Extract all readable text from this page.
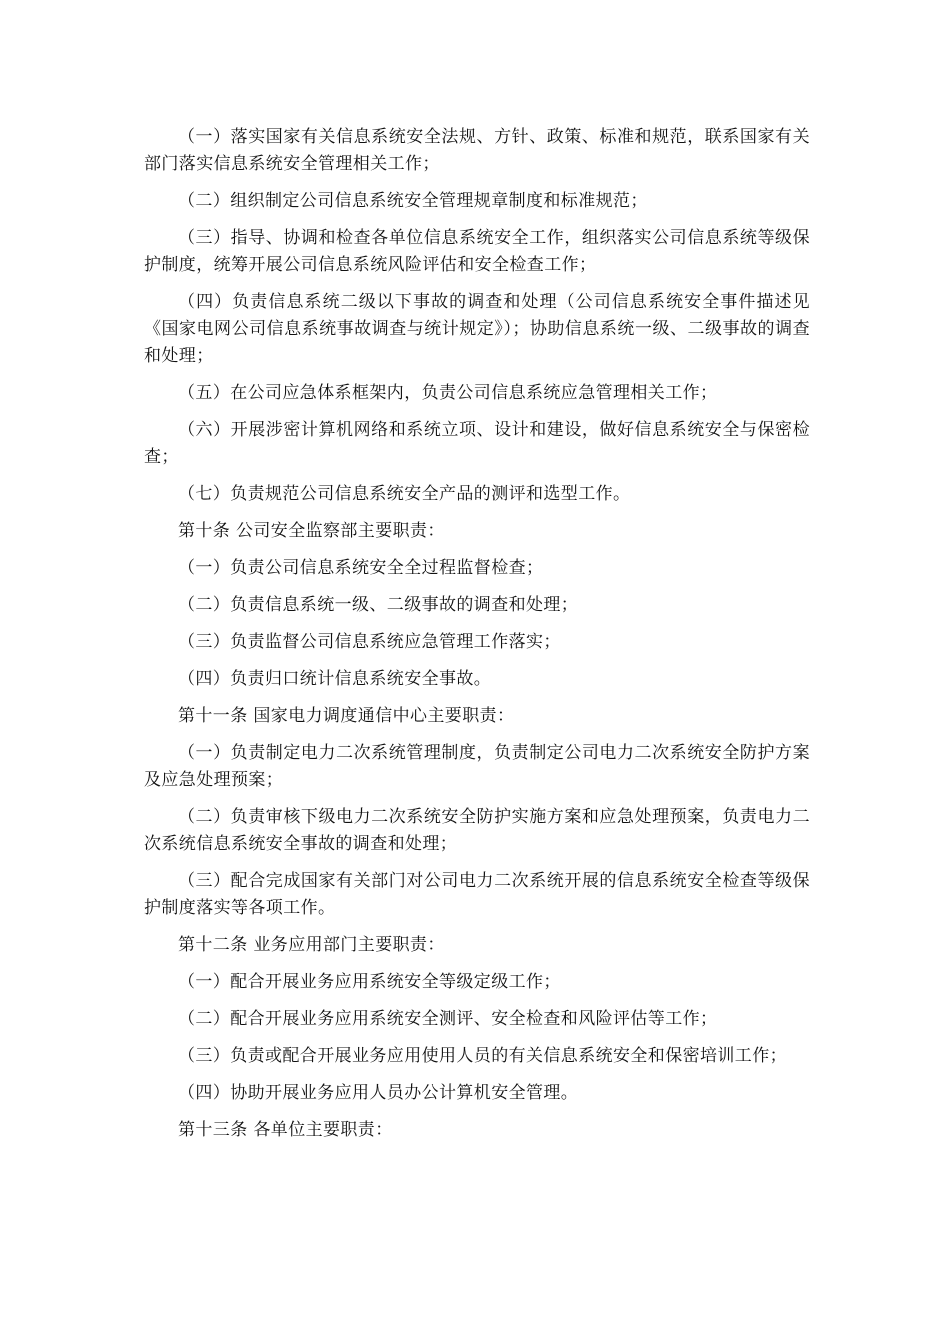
（一）落实国家有关信息系统安全法规、方针、政策、标准和规范，联系国家有关部门落实信息系统安全管理相关工作；

（二）组织制定公司信息系统安全管理规章制度和标准规范；

（三）指导、协调和检查各单位信息系统安全工作，组织落实公司信息系统等级保护制度，统筹开展公司信息系统风险评估和安全检查工作；

（四）负责信息系统二级以下事故的调查和处理（公司信息系统安全事件描述见《国家电网公司信息系统事故调查与统计规定》）；协助信息系统一级、二级事故的调查和处理；

（五）在公司应急体系框架内，负责公司信息系统应急管理相关工作；

（六）开展涉密计算机网络和系统立项、设计和建设，做好信息系统安全与保密检查；

（七）负责规范公司信息系统安全产品的测评和选型工作。

第十条 公司安全监察部主要职责：

（一）负责公司信息系统安全全过程监督检查；

（二）负责信息系统一级、二级事故的调查和处理；

（三）负责监督公司信息系统应急管理工作落实；

（四）负责归口统计信息系统安全事故。

第十一条 国家电力调度通信中心主要职责：

（一）负责制定电力二次系统管理制度，负责制定公司电力二次系统安全防护方案及应急处理预案；

（二）负责审核下级电力二次系统安全防护实施方案和应急处理预案，负责电力二次系统信息系统安全事故的调查和处理；

（三）配合完成国家有关部门对公司电力二次系统开展的信息系统安全检查等级保护制度落实等各项工作。

第十二条 业务应用部门主要职责：

（一）配合开展业务应用系统安全等级定级工作；

（二）配合开展业务应用系统安全测评、安全检查和风险评估等工作；

（三）负责或配合开展业务应用使用人员的有关信息系统安全和保密培训工作；

（四）协助开展业务应用人员办公计算机安全管理。

第十三条 各单位主要职责：
